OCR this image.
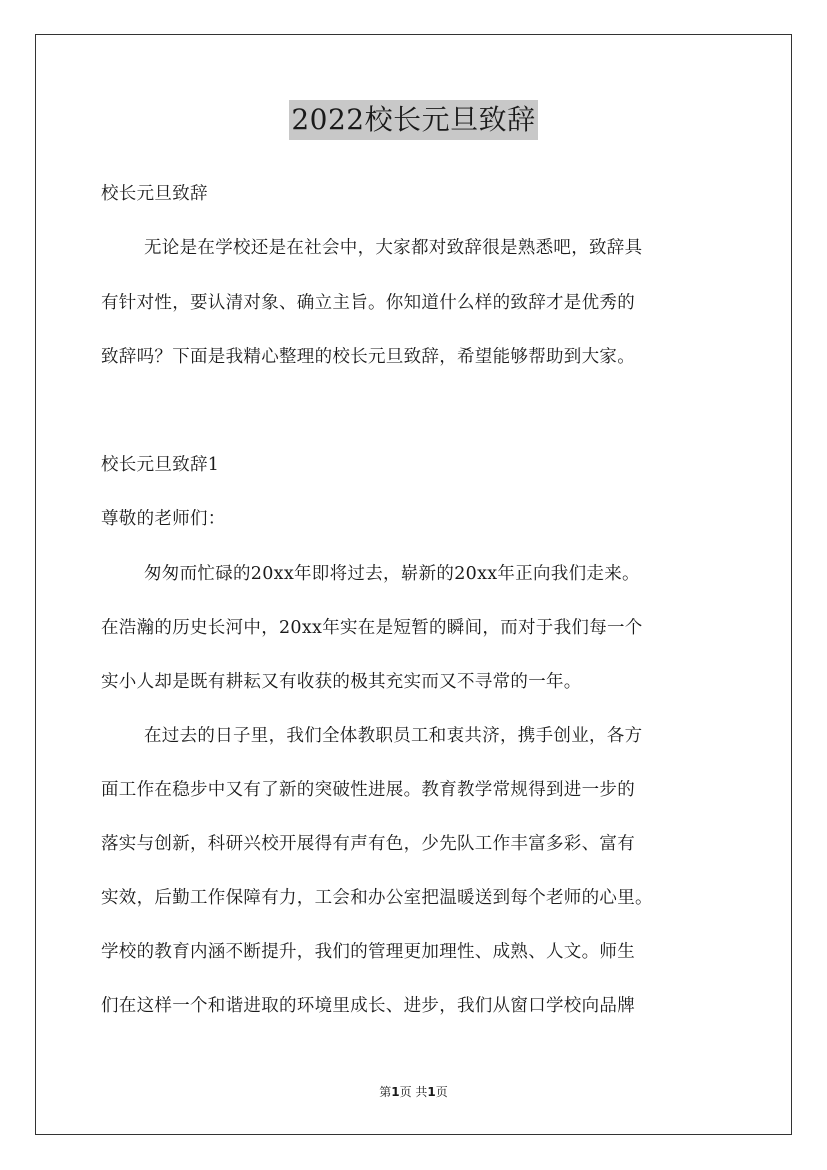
2022校长元旦致辞
校长元旦致辞
无论是在学校还是在社会中，大家都对致辞很是熟悉吧，致辞具
有针对性，要认清对象、确立主旨。你知道什么样的致辞才是优秀的
致辞吗？下面是我精心整理的校长元旦致辞，希望能够帮助到大家。
校长元旦致辞1
尊敬的老师们：
匆匆而忙碌的20xx年即将过去，崭新的20xx年正向我们走来。
在浩瀚的历史长河中，20xx年实在是短暂的瞬间，而对于我们每一个
实小人却是既有耕耘又有收获的极其充实而又不寻常的一年。
在过去的日子里，我们全体教职员工和衷共济，携手创业，各方
面工作在稳步中又有了新的突破性进展。教育教学常规得到进一步的
落实与创新，科研兴校开展得有声有色，少先队工作丰富多彩、富有
实效，后勤工作保障有力，工会和办公室把温暖送到每个老师的心里。
学校的教育内涵不断提升，我们的管理更加理性、成熟、人文。师生
们在这样一个和谐进取的环境里成长、进步，我们从窗口学校向品牌
第1页 共1页
